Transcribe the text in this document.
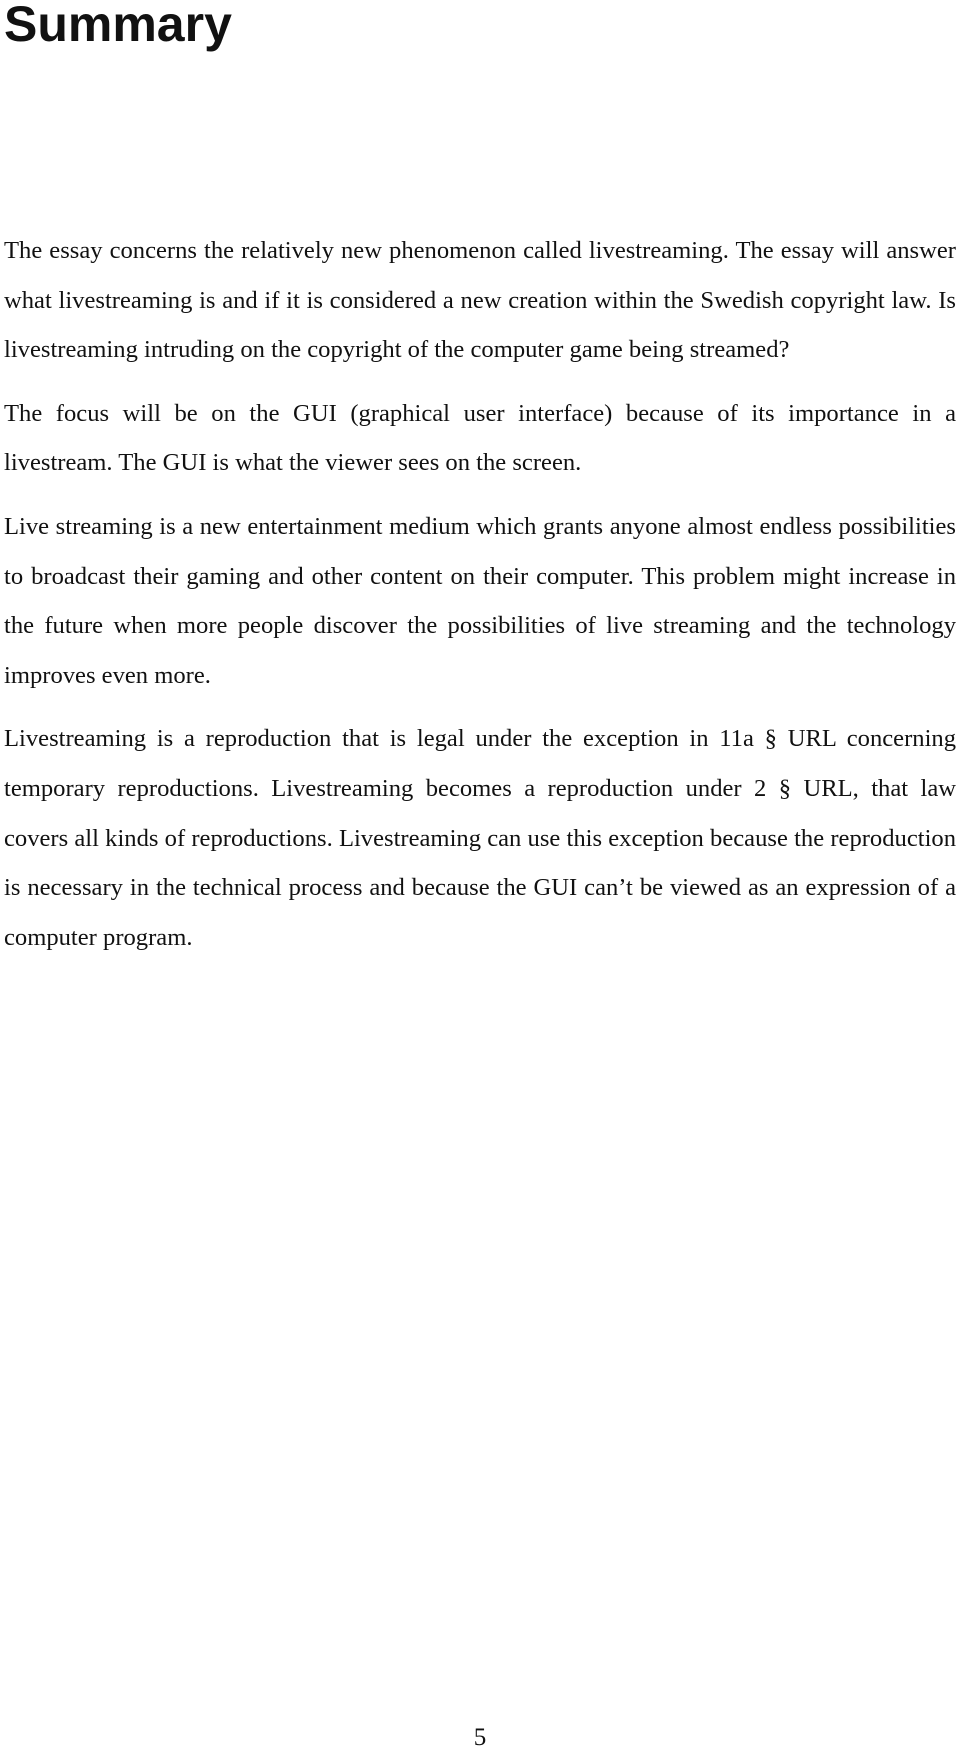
Summary

The essay concerns the relatively new phenomenon called livestreaming. The essay will answer what livestreaming is and if it is considered a new creation within the Swedish copyright law. Is livestreaming intruding on the copyright of the computer game being streamed?

The focus will be on the GUI (graphical user interface) because of its importance in a livestream. The GUI is what the viewer sees on the screen.

Live streaming is a new entertainment medium which grants anyone almost endless possibilities to broadcast their gaming and other content on their computer. This problem might increase in the future when more people discover the possibilities of live streaming and the technology improves even more.

Livestreaming is a reproduction that is legal under the exception in 11a § URL concerning temporary reproductions. Livestreaming becomes a reproduction under 2 § URL, that law covers all kinds of reproductions. Livestreaming can use this exception because the reproduction is necessary in the technical process and because the GUI can’t be viewed as an expression of a computer program.

5
